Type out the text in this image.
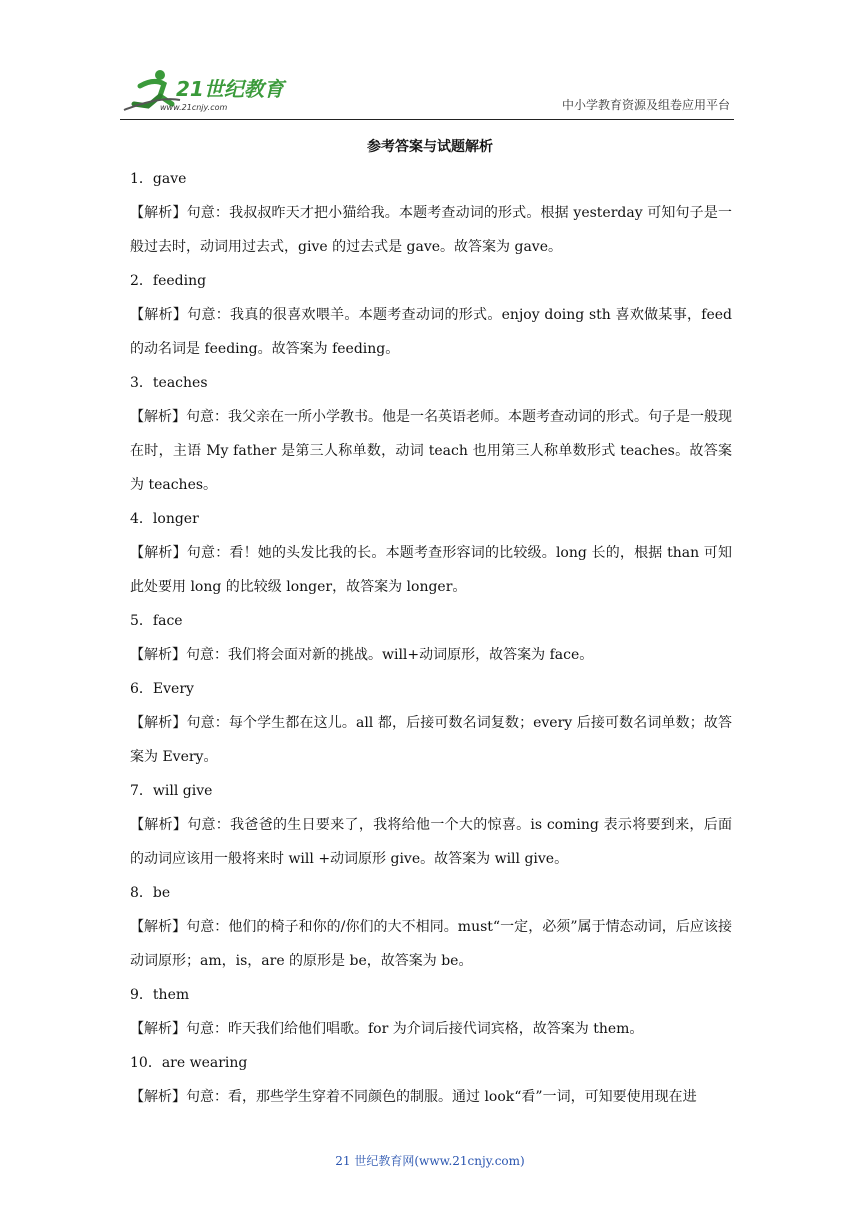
21世纪教育
www.21cnjy.com	中小学教育资源及组卷应用平台
参考答案与试题解析

1．gave

【解析】句意：我叔叔昨天才把小猫给我。本题考查动词的形式。根据 yesterday 可知句子是一般过去时，动词用过去式，give 的过去式是 gave。故答案为 gave。

2．feeding

【解析】句意：我真的很喜欢喂羊。本题考查动词的形式。enjoy doing sth 喜欢做某事，feed 的动名词是 feeding。故答案为 feeding。

3．teaches

【解析】句意：我父亲在一所小学教书。他是一名英语老师。本题考查动词的形式。句子是一般现在时，主语 My father 是第三人称单数，动词 teach 也用第三人称单数形式 teaches。故答案为 teaches。

4．longer

【解析】句意：看！她的头发比我的长。本题考查形容词的比较级。long 长的，根据 than 可知此处要用 long 的比较级 longer，故答案为 longer。

5．face

【解析】句意：我们将会面对新的挑战。will+动词原形，故答案为 face。

6．Every

【解析】句意：每个学生都在这儿。all 都，后接可数名词复数；every 后接可数名词单数；故答案为 Every。

7．will give

【解析】句意：我爸爸的生日要来了，我将给他一个大的惊喜。is coming 表示将要到来，后面的动词应该用一般将来时 will +动词原形 give。故答案为 will give。

8．be

【解析】句意：他们的椅子和你的/你们的大不相同。must“一定，必须”属于情态动词，后应该接动词原形；am，is，are 的原形是 be，故答案为 be。

9．them

【解析】句意：昨天我们给他们唱歌。for 为介词后接代词宾格，故答案为 them。

10．are wearing

【解析】句意：看，那些学生穿着不同颜色的制服。通过 look“看”一词，可知要使用现在进

21 世纪教育网(www.21cnjy.com)
